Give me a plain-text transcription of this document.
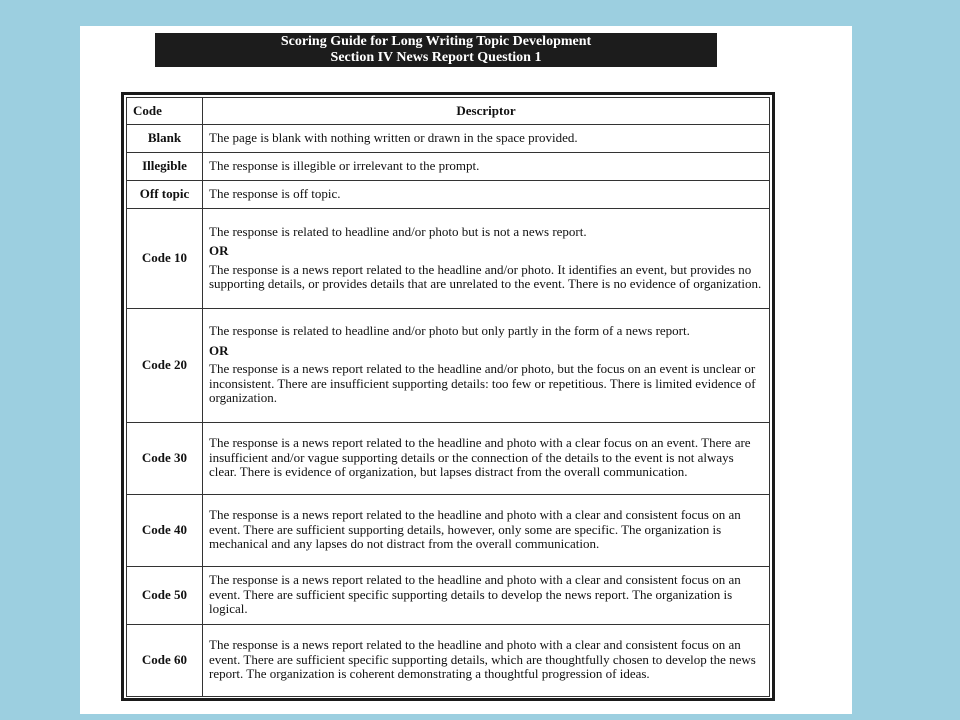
Scoring Guide for Long Writing Topic Development
Section IV News Report Question 1
Code	Descriptor
Blank	The page is blank with nothing written or drawn in the space provided.

Illegible	The response is illegible or irrelevant to the prompt.

Off topic	The response is off topic.

Code 10	The response is related to headline and/or photo but is not a news report.

OR

The response is a news report related to the headline and/or photo. It identifies an event, but provides no supporting details, or provides details that are unrelated to the event. There is no evidence of organization.

Code 20	The response is related to headline and/or photo but only partly in the form of a news report.

OR

The response is a news report related to the headline and/or photo, but the focus on an event is unclear or inconsistent. There are insufficient supporting details: too few or repetitious. There is limited evidence of organization.

Code 30	The response is a news report related to the headline and photo with a clear focus on an event. There are insufficient and/or vague supporting details or the connection of the details to the event is not always clear. There is evidence of organization, but lapses distract from the overall communication.

Code 40	The response is a news report related to the headline and photo with a clear and consistent focus on an event. There are sufficient supporting details, however, only some are specific. The organization is mechanical and any lapses do not distract from the overall communication.

Code 50	The response is a news report related to the headline and photo with a clear and consistent focus on an event. There are sufficient specific supporting details to develop the news report. The organization is logical.

Code 60	The response is a news report related to the headline and photo with a clear and consistent focus on an event. There are sufficient specific supporting details, which are thoughtfully chosen to develop the news report. The organization is coherent demonstrating a thoughtful progression of ideas.
